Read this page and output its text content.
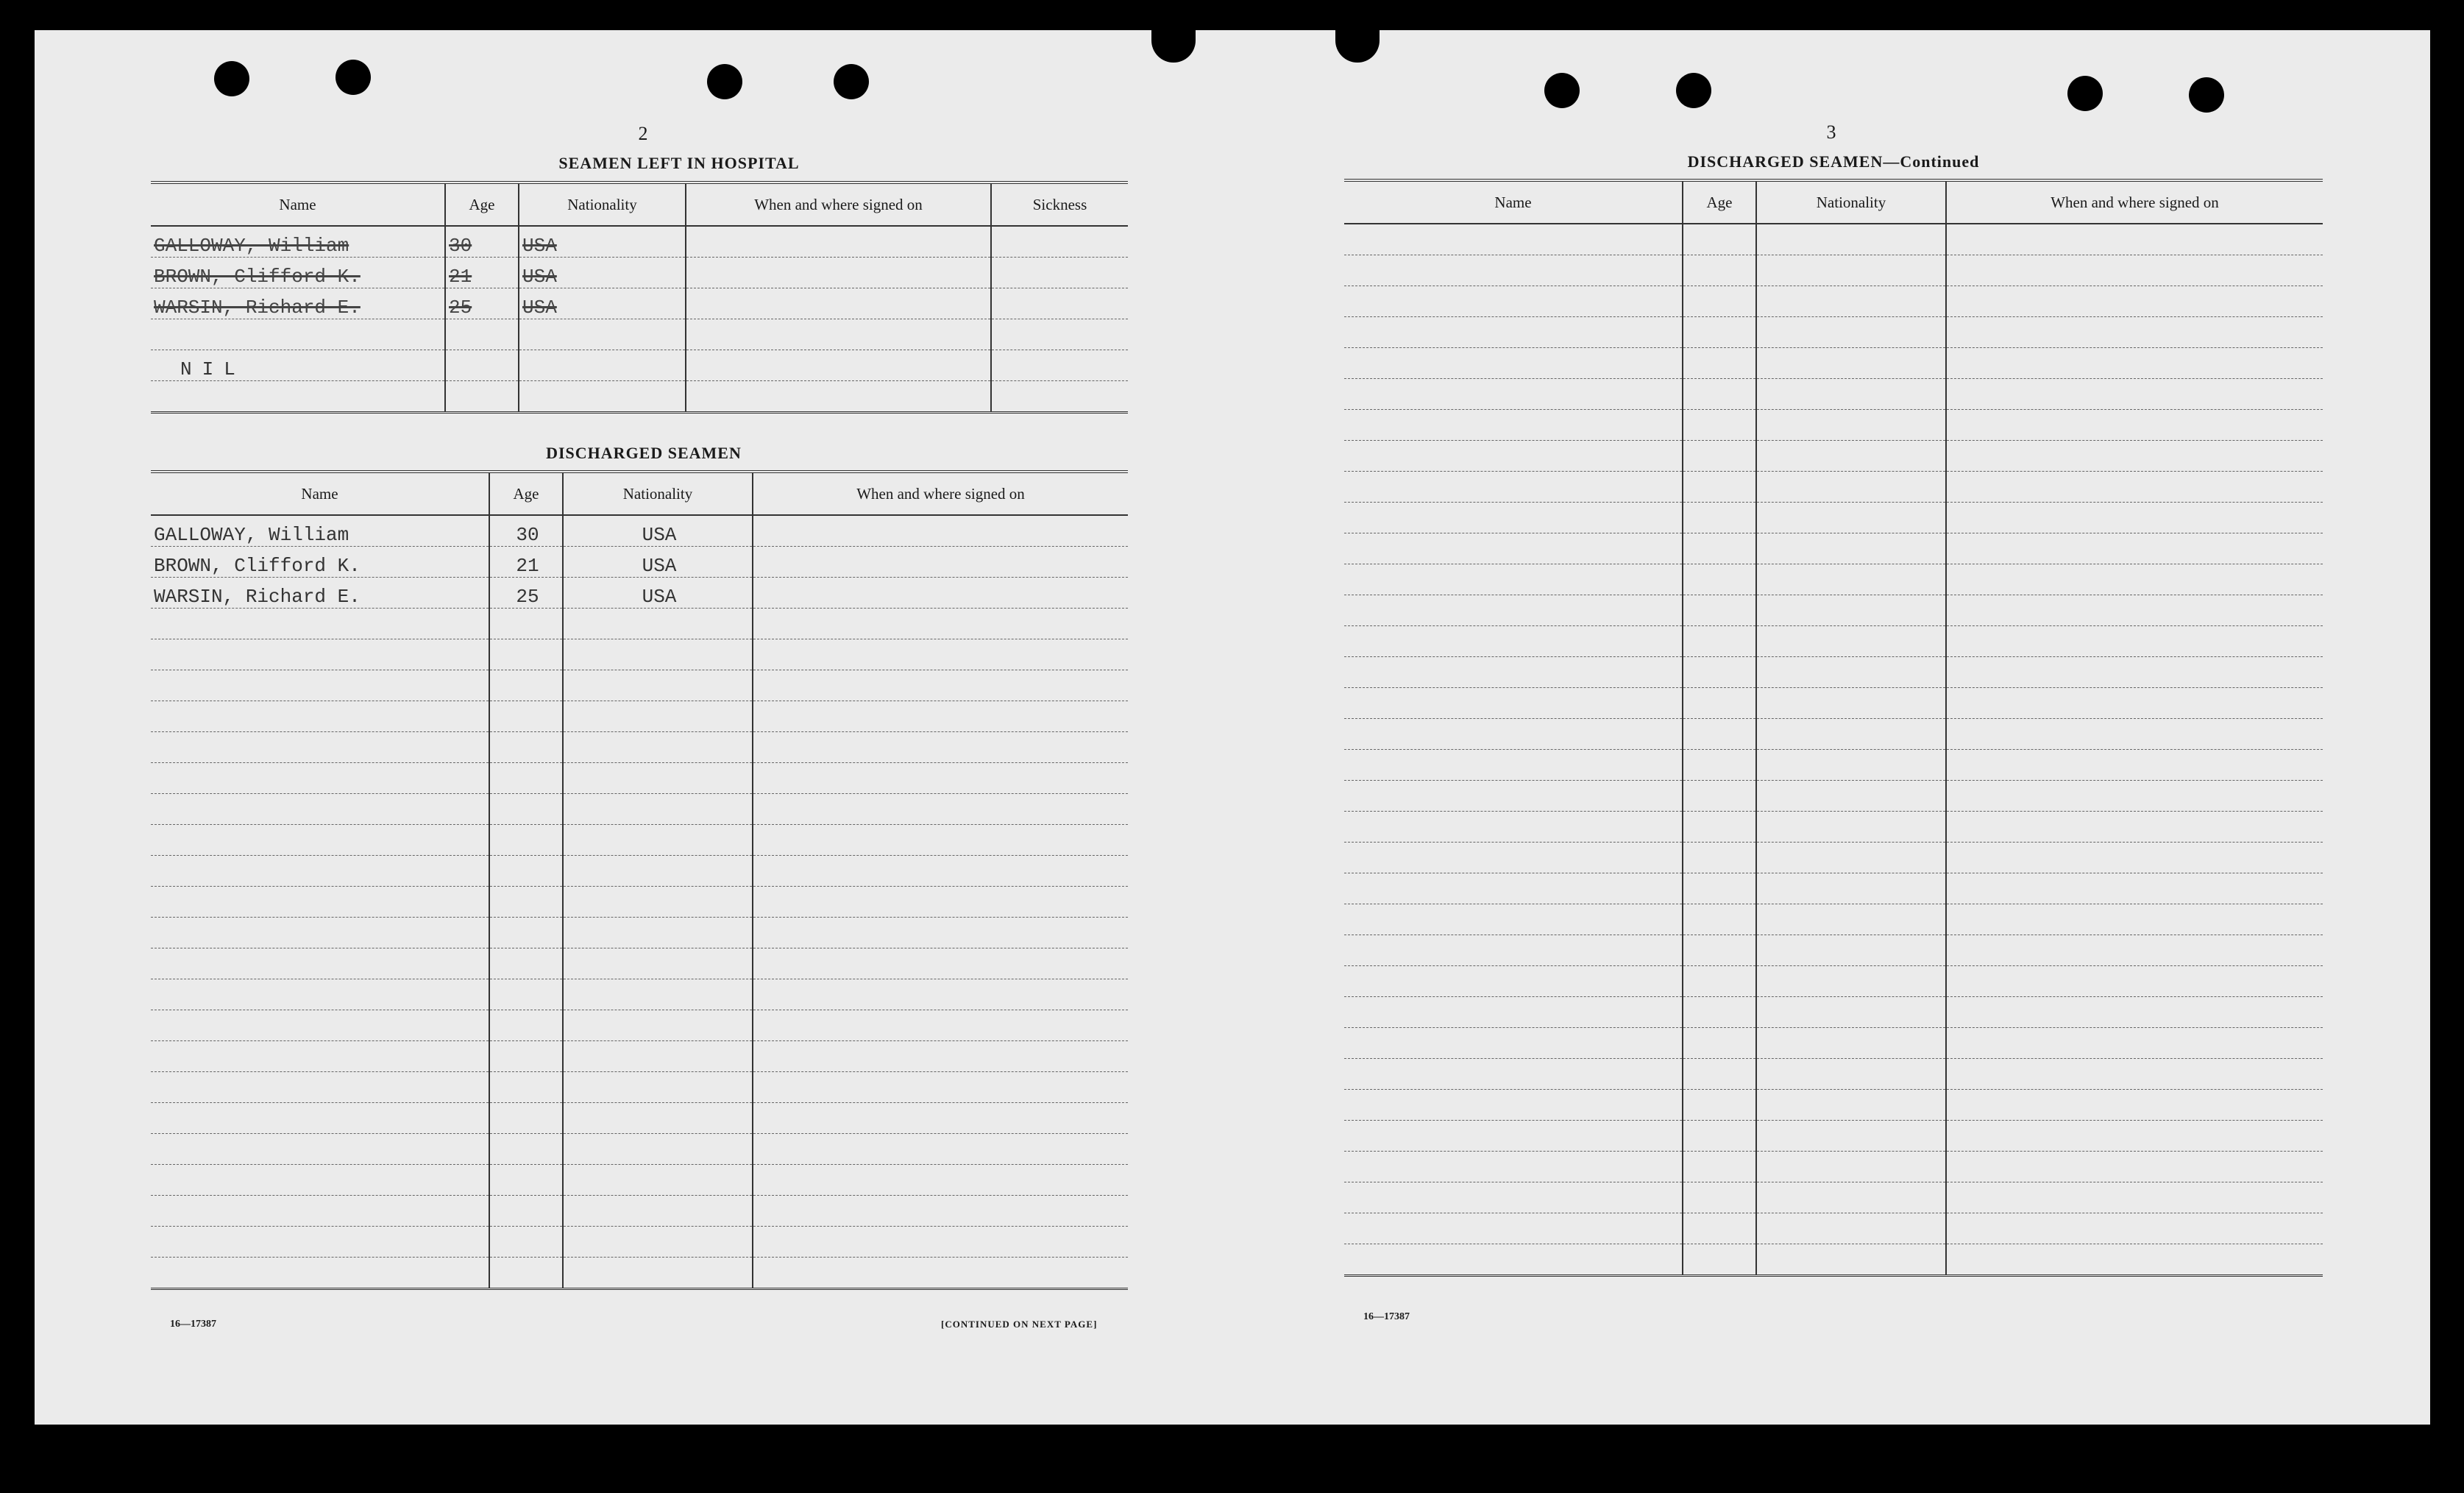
2
SEAMEN LEFT IN HOSPITAL
Name	Age	Nationality	When and where signed on	Sickness
GALLOWAY, William	30	USA		
BROWN, Clifford K.	21	USA		
WARSIN, Richard E.	25	USA		

NIL				

DISCHARGED SEAMEN
Name	Age	Nationality	When and where signed on
GALLOWAY, William	30	USA	
BROWN, Clifford K.	21	USA	
WARSIN, Richard E.	25	USA	

16—17387	[CONTINUED ON NEXT PAGE]
3
DISCHARGED SEAMEN—Continued
Name	Age	Nationality	When and where signed on

16—17387
